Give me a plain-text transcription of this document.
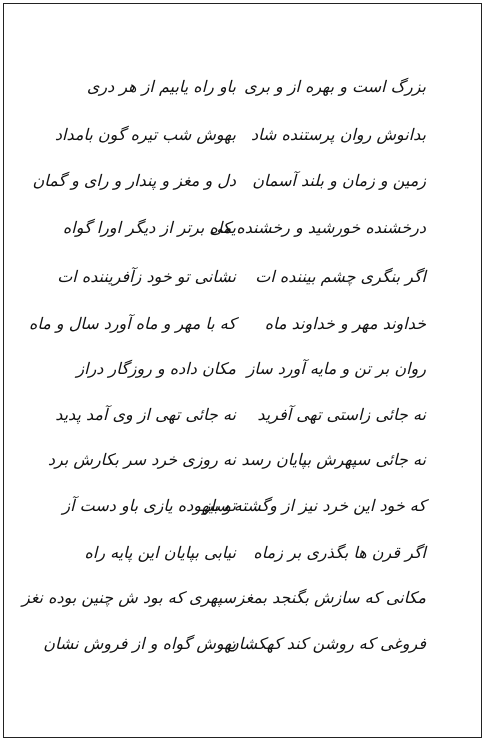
بزرگ است و بهره از و بری
باو راه یابیم از هر دری
بدانوش روان پرستنده شاد
بهوش شب تیره گون بامداد
زمین و زمان و بلند آسمان
دل و مغز و پندار و رای و گمان
درخشنده خورشید و رخشنده ماه
یکی برتر از دیگر اورا گواه
اگر بنگری چشم بیننده ات
نشانی تو خود زآفریننده ات
خداوند مهر و خداوند ماه
که با مهر و ماه آورد سال و ماه
روان بر تن و مایه آورد ساز
مکان داده و روزگار دراز
نه جائی زاستی تهی آفرید
نه جائی تهی از وی آمد پدید
نه جائی سپهرش بپایان رسد
نه روزی خرد سر بکارش برد
که خود این خرد نیز از وگشته ساز
تو بیهوده یازی باو دست آز
اگر قرن ها بگذری بر زماه
نیابی بپایان این پایه راه
مکانی که سازش بگنجد بمغز
سپهری که بود ش چنین بوده نغز
فروغی که روشن کند کهکشان
بهوش گواه و از فروش نشان
